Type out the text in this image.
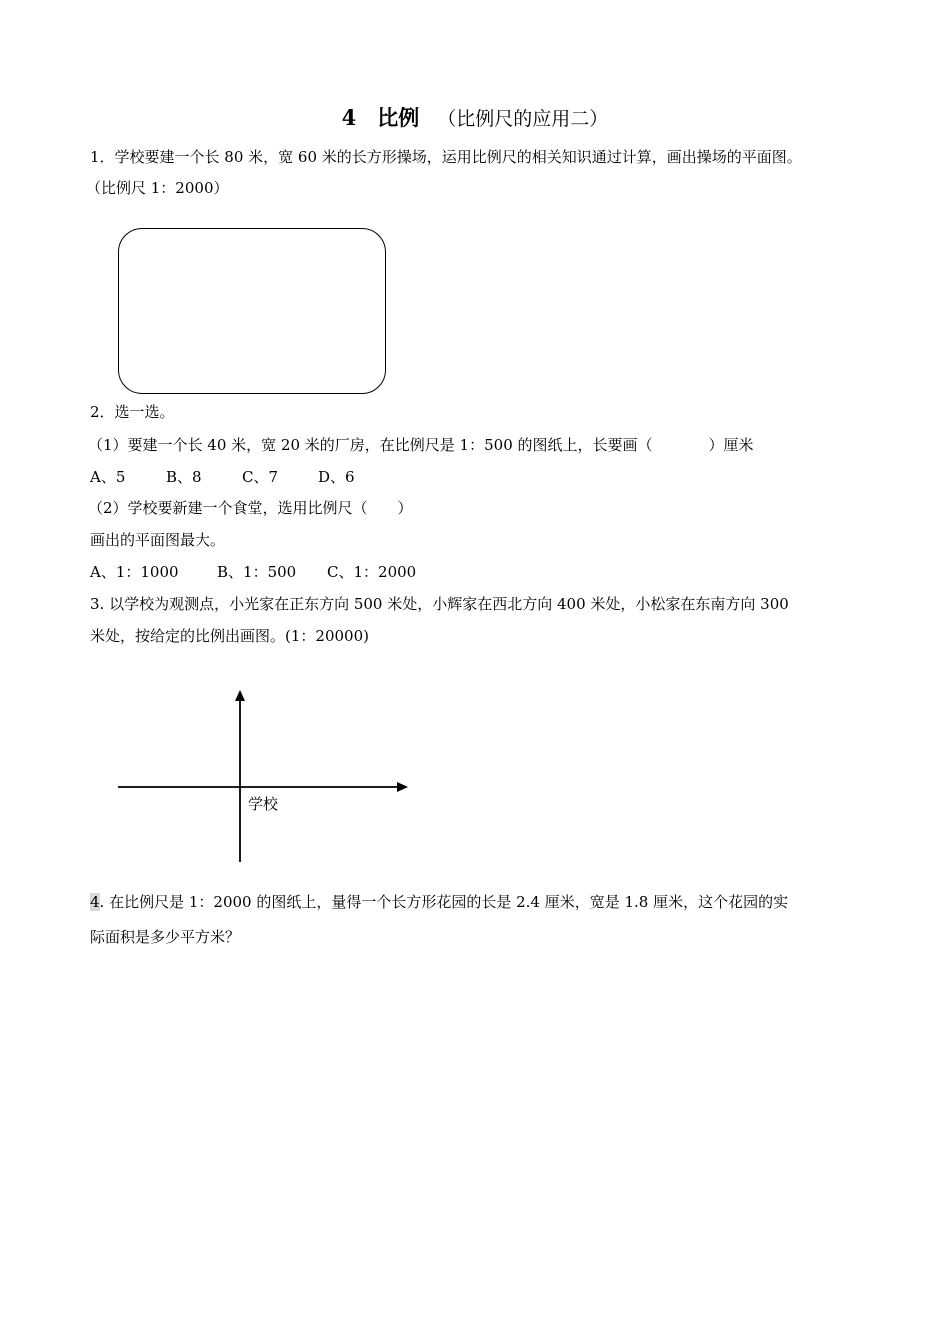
4　比例 （比例尺的应用二）
1．学校要建一个长 80 米，宽 60 米的长方形操场，运用比例尺的相关知识通过计算，画出操场的平面图。
（比例尺 1：2000）
2．选一选。
（1）要建一个长 40 米，宽 20 米的厂房，在比例尺是 1：500 的图纸上，长要画（	）厘米
A、5	B、8	C、7	D、6
（2）学校要新建一个食堂，选用比例尺（ ）
画出的平面图最大。
A、1：1000	B、1：500 C、1：2000
3. 以学校为观测点，小光家在正东方向 500 米处，小辉家在西北方向 400 米处，小松家在东南方向 300
米处，按给定的比例出画图。(1：20000)
学校
4. 在比例尺是 1：2000 的图纸上，量得一个长方形花园的长是 2.4 厘米，宽是 1.8 厘米，这个花园的实
际面积是多少平方米？
